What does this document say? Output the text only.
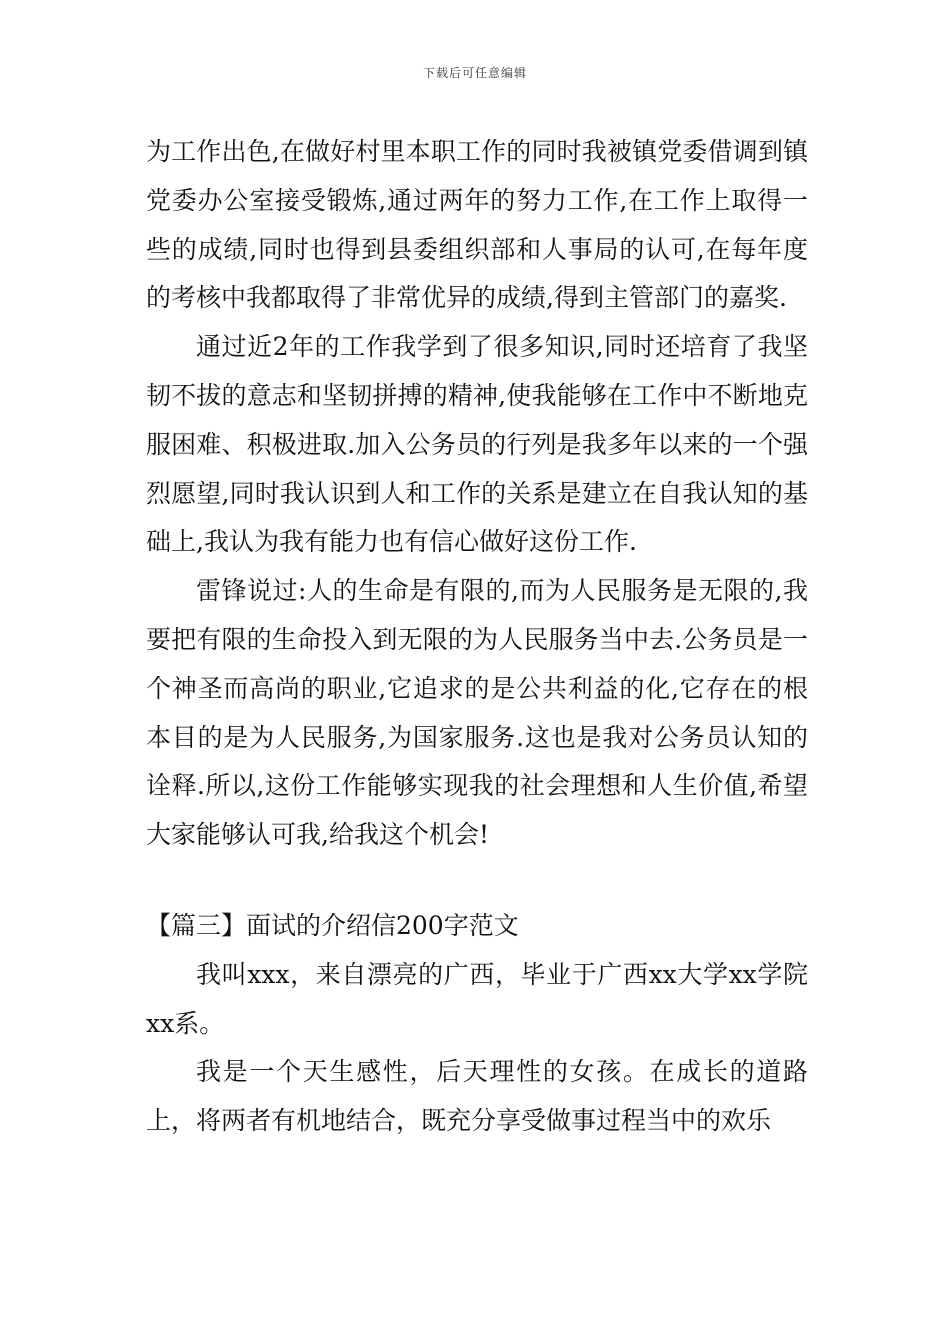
下载后可任意编辑

为工作出色,在做好村里本职工作的同时我被镇党委借调到镇党委办公室接受锻炼,通过两年的努力工作,在工作上取得一些的成绩,同时也得到县委组织部和人事局的认可,在每年度的考核中我都取得了非常优异的成绩,得到主管部门的嘉奖.

通过近2年的工作我学到了很多知识,同时还培育了我坚韧不拔的意志和坚韧拼搏的精神,使我能够在工作中不断地克服困难、积极进取.加入公务员的行列是我多年以来的一个强烈愿望,同时我认识到人和工作的关系是建立在自我认知的基础上,我认为我有能力也有信心做好这份工作.

雷锋说过:人的生命是有限的,而为人民服务是无限的,我要把有限的生命投入到无限的为人民服务当中去.公务员是一个神圣而高尚的职业,它追求的是公共利益的化,它存在的根本目的是为人民服务,为国家服务.这也是我对公务员认知的诠释.所以,这份工作能够实现我的社会理想和人生价值,希望大家能够认可我,给我这个机会!

【篇三】面试的介绍信200字范文

我叫xxx，来自漂亮的广西，毕业于广西xx大学xx学院xx系。

我是一个天生感性，后天理性的女孩。在成长的道路上，将两者有机地结合，既充分享受做事过程当中的欢乐
